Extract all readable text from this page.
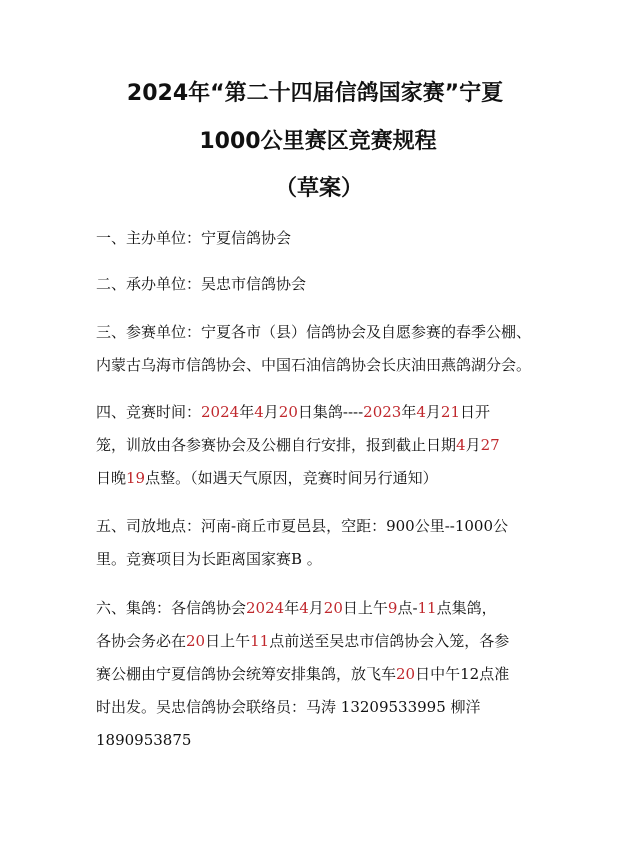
2024年“第二十四届信鸽国家赛”宁夏
1000公里赛区竞赛规程
（草案）
一、主办单位：宁夏信鸽协会
二、承办单位：吴忠市信鸽协会
三、参赛单位：宁夏各市（县）信鸽协会及自愿参赛的春季公棚、
内蒙古乌海市信鸽协会、中国石油信鸽协会长庆油田燕鸽湖分会。
四、竞赛时间：2024年4月20日集鸽----2023年4月21日开
笼，训放由各参赛协会及公棚自行安排，报到截止日期4月27
日晚19点整。（如遇天气原因，竞赛时间另行通知）
五、司放地点：河南-商丘市夏邑县，空距：900公里--1000公
里。竞赛项目为长距离国家赛B 。
六、集鸽：各信鸽协会2024年4月20日上午9点-11点集鸽，
各协会务必在20日上午11点前送至吴忠市信鸽协会入笼，各参
赛公棚由宁夏信鸽协会统筹安排集鸽，放飞车20日中午12点准
时出发。吴忠信鸽协会联络员：马涛 13209533995 柳洋
1890953875
